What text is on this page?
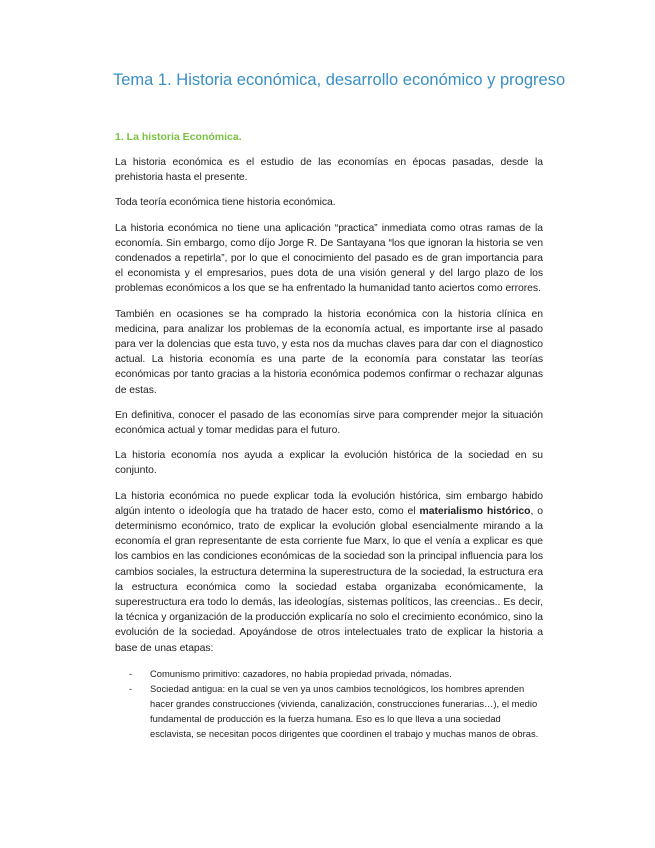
Tema 1. Historia económica, desarrollo económico y progreso
1. La historia Económica.

La historia económica es el estudio de las economías en épocas pasadas, desde la prehistoria hasta el presente.

Toda teoría económica tiene historia económica.

La historia económica no tiene una aplicación “practica” inmediata como otras ramas de la economía. Sin embargo, como díjo Jorge R. De Santayana “los que ignoran la historia se ven condenados a repetirla”, por lo que el conocimiento del pasado es de gran importancia para el economista y el empresarios, pues dota de una visión general y del largo plazo de los problemas económicos a los que se ha enfrentado la humanidad tanto aciertos como errores.

También en ocasiones se ha comprado la historia económica con la historia clínica en medicina, para analizar los problemas de la economía actual, es importante irse al pasado para ver la dolencias que esta tuvo, y esta nos da muchas claves para dar con el diagnostico actual. La historia economía es una parte de la economía para constatar las teorías económicas por tanto gracias a la historia económica podemos confirmar o rechazar algunas de estas.

En definitiva, conocer el pasado de las economías sirve para comprender mejor la situación económica actual y tomar medidas para el futuro.

La historia economía nos ayuda a explicar la evolución histórica de la sociedad en su conjunto.

La historia económica no puede explicar toda la evolución histórica, sim embargo habido algún intento o ideología que ha tratado de hacer esto, como el materialismo histórico, o determinismo económico, trato de explicar la evolución global esencialmente mirando a la economía el gran representante de esta corriente fue Marx, lo que el venía a explicar es que los cambios en las condiciones económicas de la sociedad son la principal influencia para los cambios sociales, la estructura determina la superestructura de la sociedad, la estructura era la estructura económica como la sociedad estaba organizaba económicamente, la superestructura era todo lo demás, las ideologías, sistemas políticos, las creencias.. Es decir, la técnica y organización de la producción explicaría no solo el crecimiento económico, sino la evolución de la sociedad. Apoyándose de otros intelectuales trato de explicar la historia a base de unas etapas:

- Comunismo primitivo: cazadores, no había propiedad privada, nómadas.
- Sociedad antigua: en la cual se ven ya unos cambios tecnológicos, los hombres aprenden hacer grandes construcciones (vivienda, canalización, construcciones funerarias…), el medio fundamental de producción es la fuerza humana. Eso es lo que lleva a una sociedad esclavista, se necesitan pocos dirigentes que coordinen el trabajo y muchas manos de obras.
